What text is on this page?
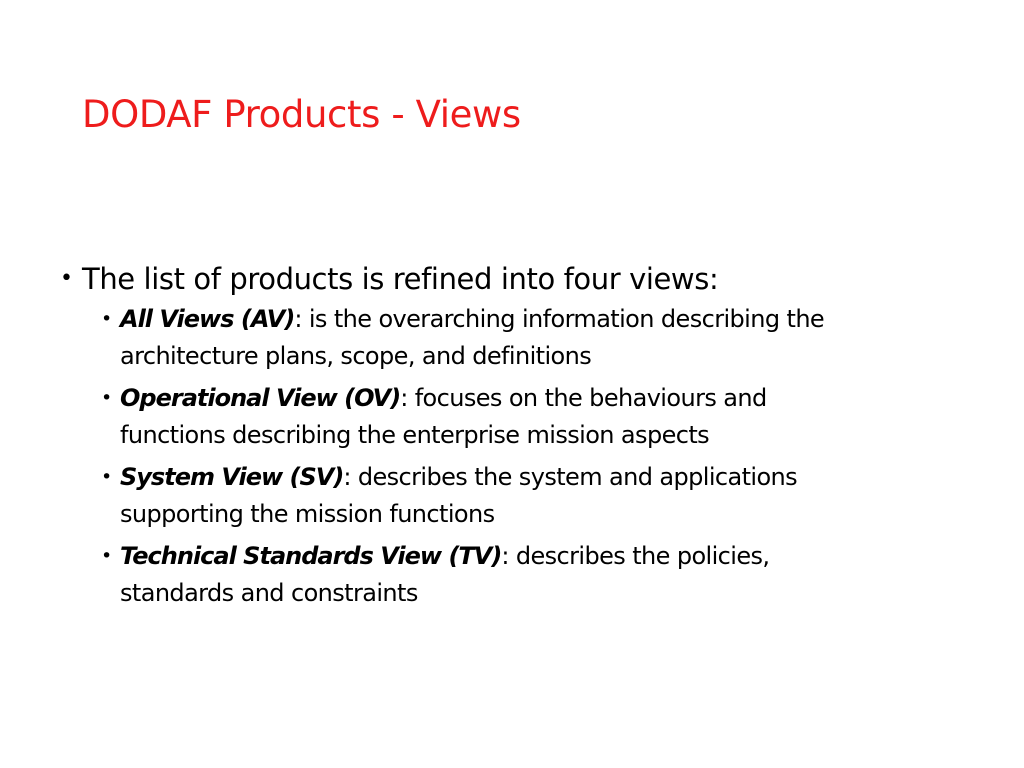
DODAF Products - Views
• The list of products is refined into four views:
• All Views (AV): is the overarching information describing the
architecture plans, scope, and definitions
• Operational View (OV): focuses on the behaviours and
functions describing the enterprise mission aspects
• System View (SV): describes the system and applications
supporting the mission functions
• Technical Standards View (TV): describes the policies,
standards and constraints
